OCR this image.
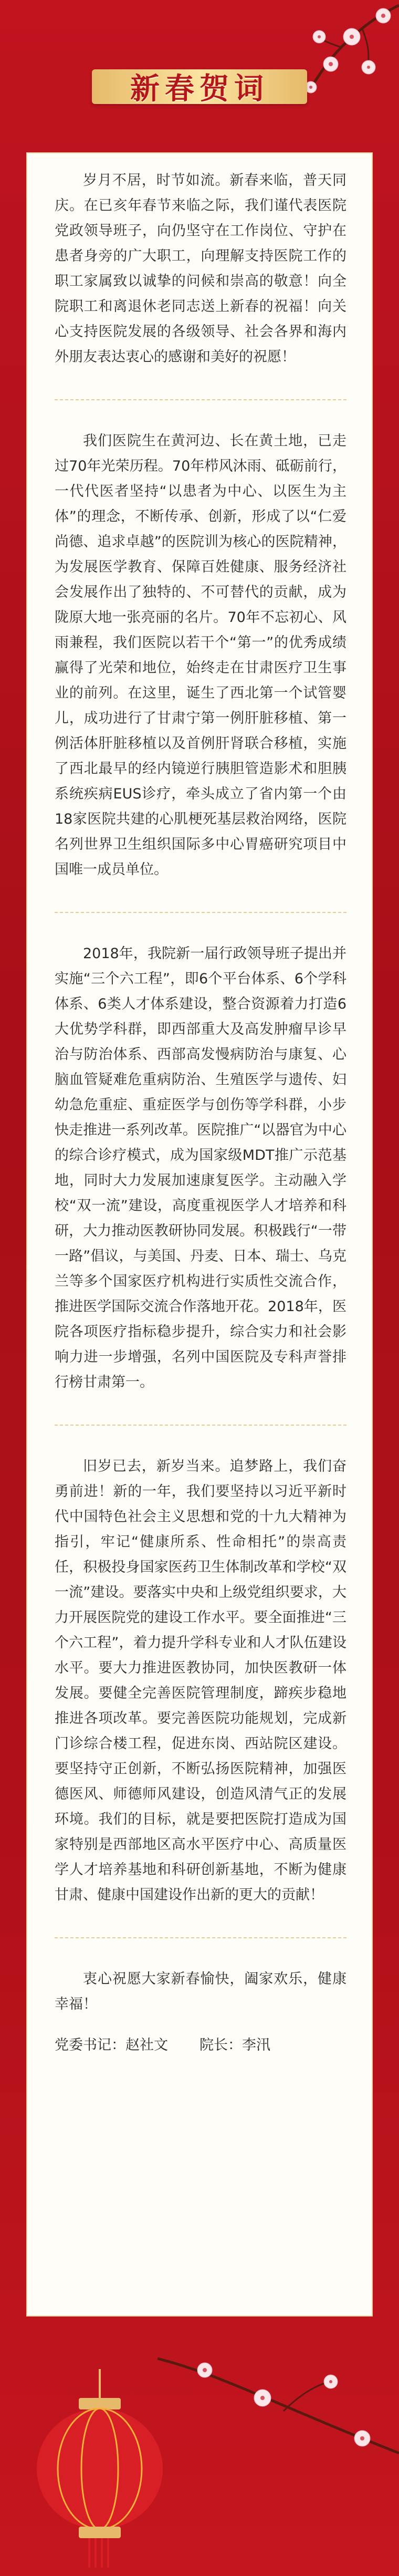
新春贺词

岁月不居，时节如流。新春来临，普天同庆。在已亥年春节来临之际，我们谨代表医院党政领导班子，向仍坚守在工作岗位、守护在患者身旁的广大职工，向理解支持医院工作的职工家属致以诚挚的问候和崇高的敬意！向全院职工和离退休老同志送上新春的祝福！向关心支持医院发展的各级领导、社会各界和海内外朋友表达衷心的感谢和美好的祝愿！

我们医院生在黄河边、长在黄土地，已走过70年光荣历程。70年栉风沐雨、砥砺前行，一代代医者坚持“以患者为中心、以医生为主体”的理念，不断传承、创新，形成了以“仁爱尚德、追求卓越”的医院训为核心的医院精神，为发展医学教育、保障百姓健康、服务经济社会发展作出了独特的、不可替代的贡献，成为陇原大地一张亮丽的名片。70年不忘初心、风雨兼程，我们医院以若干个“第一”的优秀成绩赢得了光荣和地位，始终走在甘肃医疗卫生事业的前列。在这里，诞生了西北第一个试管婴儿，成功进行了甘肃宁第一例肝脏移植、第一例活体肝脏移植以及首例肝肾联合移植，实施了西北最早的经内镜逆行胰胆管造影术和胆胰系统疾病EUS诊疗，牵头成立了省内第一个由18家医院共建的心肌梗死基层救治网络，医院名列世界卫生组织国际多中心胃癌研究项目中国唯一成员单位。

2018年，我院新一届行政领导班子提出并实施“三个六工程”，即6个平台体系、6个学科体系、6类人才体系建设，整合资源着力打造6大优势学科群，即西部重大及高发肿瘤早诊早治与防治体系、西部高发慢病防治与康复、心脑血管疑难危重病防治、生殖医学与遗传、妇幼急危重症、重症医学与创伤等学科群，小步快走推进一系列改革。医院推广“以器官为中心的综合诊疗模式，成为国家级MDT推广示范基地，同时大力发展加速康复医学。主动融入学校“双一流”建设，高度重视医学人才培养和科研，大力推动医教研协同发展。积极践行“一带一路”倡议，与美国、丹麦、日本、瑞士、乌克兰等多个国家医疗机构进行实质性交流合作，推进医学国际交流合作落地开花。2018年，医院各项医疗指标稳步提升，综合实力和社会影响力进一步增强，名列中国医院及专科声誉排行榜甘肃第一。

旧岁已去，新岁当来。追梦路上，我们奋勇前进！新的一年，我们要坚持以习近平新时代中国特色社会主义思想和党的十九大精神为指引，牢记“健康所系、性命相托”的崇高责任，积极投身国家医药卫生体制改革和学校“双一流”建设。要落实中央和上级党组织要求，大力开展医院党的建设工作水平。要全面推进“三个六工程”，着力提升学科专业和人才队伍建设水平。要大力推进医教协同，加快医教研一体发展。要健全完善医院管理制度，蹄疾步稳地推进各项改革。要完善医院功能规划，完成新门诊综合楼工程，促进东岗、西站院区建设。要坚持守正创新，不断弘扬医院精神，加强医德医风、师德师风建设，创造风清气正的发展环境。我们的目标，就是要把医院打造成为国家特别是西部地区高水平医疗中心、高质量医学人才培养基地和科研创新基地，不断为健康甘肃、健康中国建设作出新的更大的贡献！

衷心祝愿大家新春愉快，阖家欢乐，健康幸福！

党委书记：赵社文 院长：李汛
